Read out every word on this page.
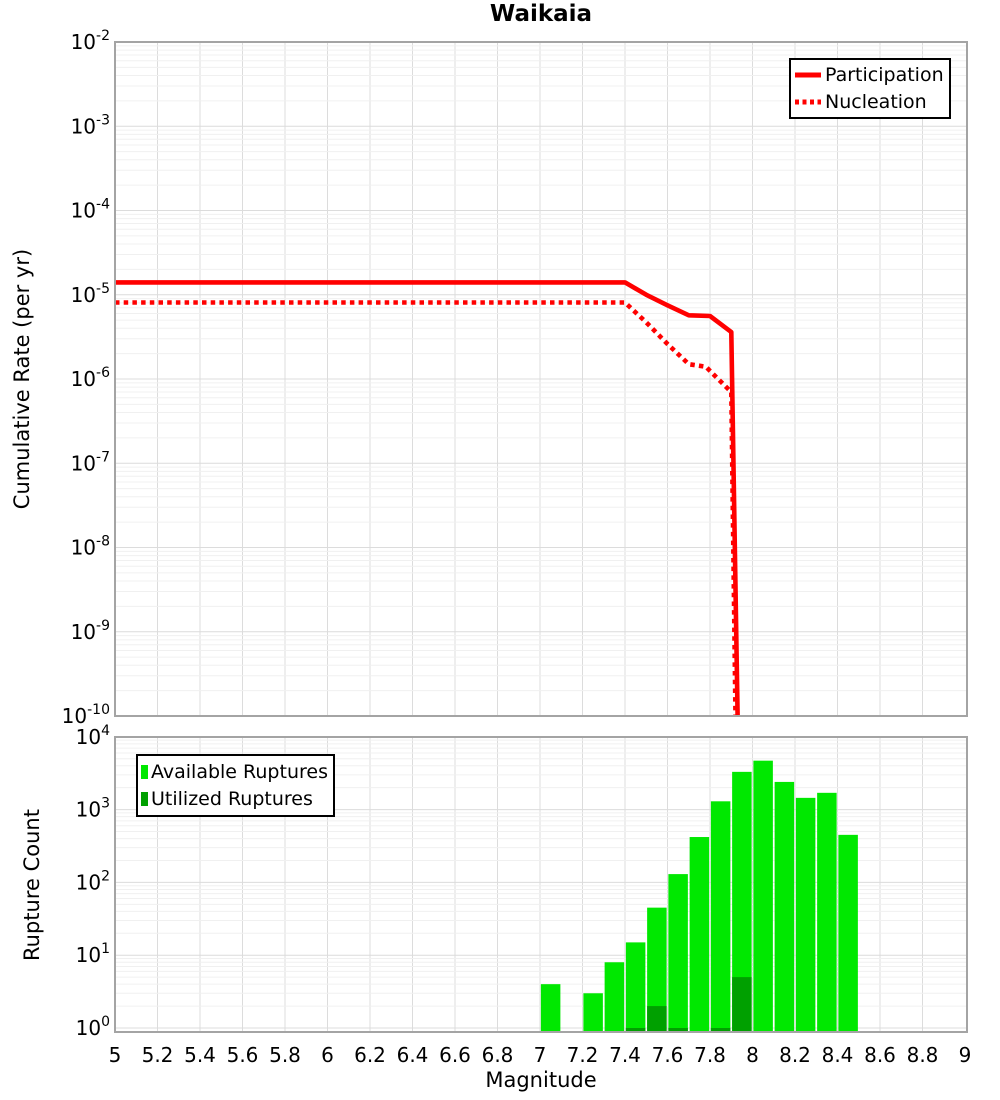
$10^{-2}$
$10^{-3}$
$10^{-4}$
$10^{-5}$
$10^{-6}$
$10^{-7}$
$10^{-8}$
$10^{-9}$
$10^{-10}$
$10^4$
$10^3$
$10^2$
$10^1$
$10^0$
5 5.2 5.4 5.6 5.8 6 6.2 6.4 6.6 6.8 7 7.2 7.4 7.6 7.8 8 8.2 8.4 8.6 8.8 9
Waikaia
Cumulative Rate (per yr)
Rupture Count
Magnitude
Participation
Nucleation
Available Ruptures
Utilized Ruptures
